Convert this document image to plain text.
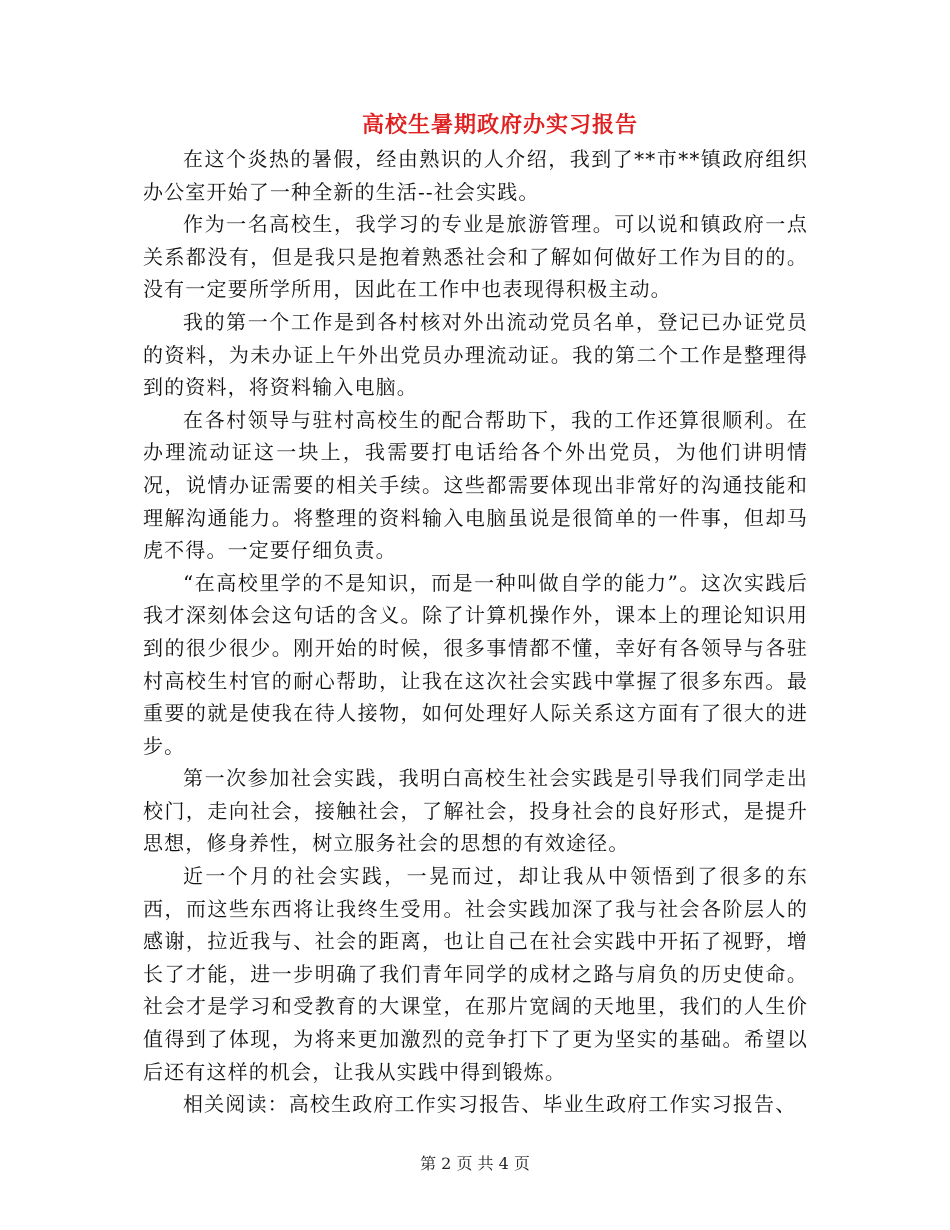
高校生暑期政府办实习报告

在这个炎热的暑假，经由熟识的人介绍，我到了**市**镇政府组织办公室开始了一种全新的生活--社会实践。

作为一名高校生，我学习的专业是旅游管理。可以说和镇政府一点关系都没有，但是我只是抱着熟悉社会和了解如何做好工作为目的的。没有一定要所学所用，因此在工作中也表现得积极主动。

我的第一个工作是到各村核对外出流动党员名单，登记已办证党员的资料，为未办证上午外出党员办理流动证。我的第二个工作是整理得到的资料，将资料输入电脑。

在各村领导与驻村高校生的配合帮助下，我的工作还算很顺利。在办理流动证这一块上，我需要打电话给各个外出党员，为他们讲明情况，说情办证需要的相关手续。这些都需要体现出非常好的沟通技能和理解沟通能力。将整理的资料输入电脑虽说是很简单的一件事，但却马虎不得。一定要仔细负责。

“在高校里学的不是知识，而是一种叫做自学的能力”。这次实践后我才深刻体会这句话的含义。除了计算机操作外，课本上的理论知识用到的很少很少。刚开始的时候，很多事情都不懂，幸好有各领导与各驻村高校生村官的耐心帮助，让我在这次社会实践中掌握了很多东西。最重要的就是使我在待人接物，如何处理好人际关系这方面有了很大的进步。

第一次参加社会实践，我明白高校生社会实践是引导我们同学走出校门，走向社会，接触社会，了解社会，投身社会的良好形式，是提升思想，修身养性，树立服务社会的思想的有效途径。

近一个月的社会实践，一晃而过，却让我从中领悟到了很多的东西，而这些东西将让我终生受用。社会实践加深了我与社会各阶层人的感谢，拉近我与、社会的距离，也让自己在社会实践中开拓了视野，增长了才能，进一步明确了我们青年同学的成材之路与肩负的历史使命。社会才是学习和受教育的大课堂，在那片宽阔的天地里，我们的人生价值得到了体现，为将来更加激烈的竞争打下了更为坚实的基础。希望以后还有这样的机会，让我从实践中得到锻炼。

相关阅读：高校生政府工作实习报告、毕业生政府工作实习报告、

第 2 页 共 4 页
